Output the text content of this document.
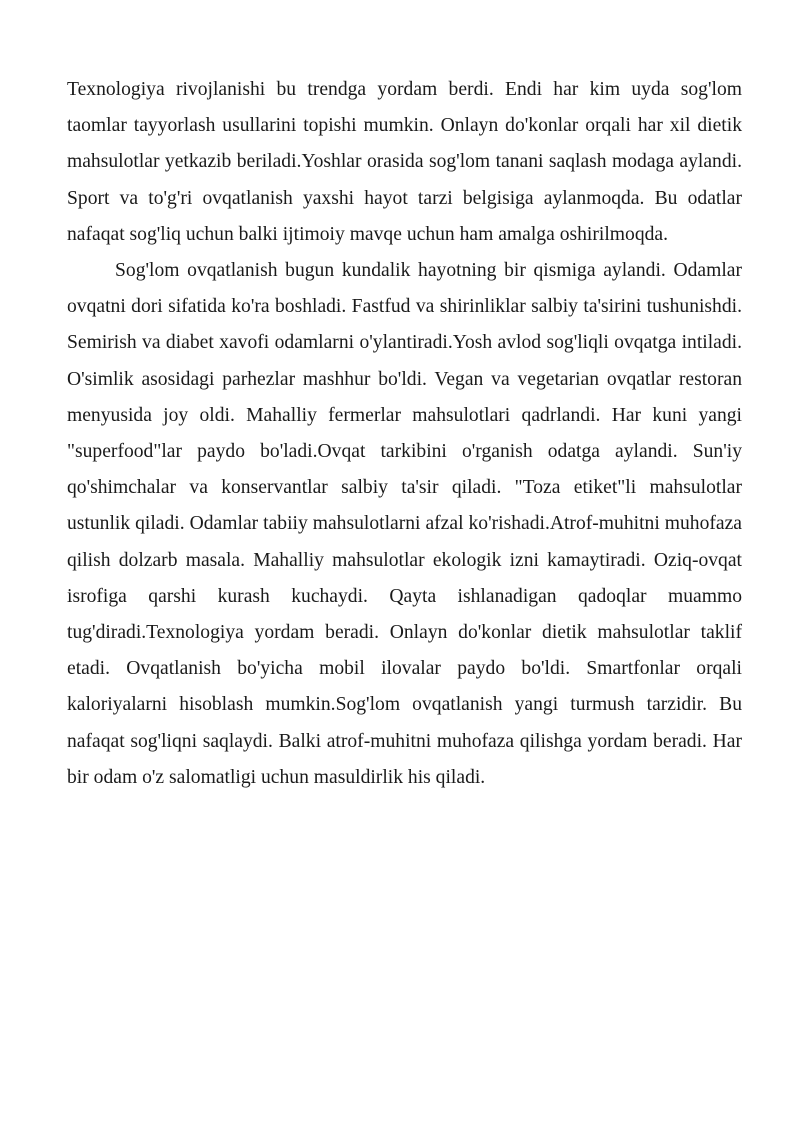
Texnologiya rivojlanishi bu trendga yordam berdi. Endi har kim uyda sog'lom taomlar tayyorlash usullarini topishi mumkin. Onlayn do'konlar orqali har xil dietik mahsulotlar yetkazib beriladi.Yoshlar orasida sog'lom tanani saqlash modaga aylandi. Sport va to'g'ri ovqatlanish yaxshi hayot tarzi belgisiga aylanmoqda. Bu odatlar nafaqat sog'liq uchun balki ijtimoiy mavqe uchun ham amalga oshirilmoqda.

Sog'lom ovqatlanish bugun kundalik hayotning bir qismiga aylandi. Odamlar ovqatni dori sifatida ko'ra boshladi. Fastfud va shirinliklar salbiy ta'sirini tushunishdi. Semirish va diabet xavofi odamlarni o'ylantiradi.Yosh avlod sog'liqli ovqatga intiladi. O'simlik asosidagi parhezlar mashhur bo'ldi. Vegan va vegetarian ovqatlar restoran menyusida joy oldi. Mahalliy fermerlar mahsulotlari qadrlandi. Har kuni yangi "superfood"lar paydo bo'ladi.Ovqat tarkibini o'rganish odatga aylandi. Sun'iy qo'shimchalar va konservantlar salbiy ta'sir qiladi. "Toza etiket"li mahsulotlar ustunlik qiladi. Odamlar tabiiy mahsulotlarni afzal ko'rishadi.Atrof-muhitni muhofaza qilish dolzarb masala. Mahalliy mahsulotlar ekologik izni kamaytiradi. Oziq-ovqat isrofiga qarshi kurash kuchaydi. Qayta ishlanadigan qadoqlar muammo tug'diradi.Texnologiya yordam beradi. Onlayn do'konlar dietik mahsulotlar taklif etadi. Ovqatlanish bo'yicha mobil ilovalar paydo bo'ldi. Smartfonlar orqali kaloriyalarni hisoblash mumkin.Sog'lom ovqatlanish yangi turmush tarzidir. Bu nafaqat sog'liqni saqlaydi. Balki atrof-muhitni muhofaza qilishga yordam beradi. Har bir odam o'z salomatligi uchun masuldirlik his qiladi.
